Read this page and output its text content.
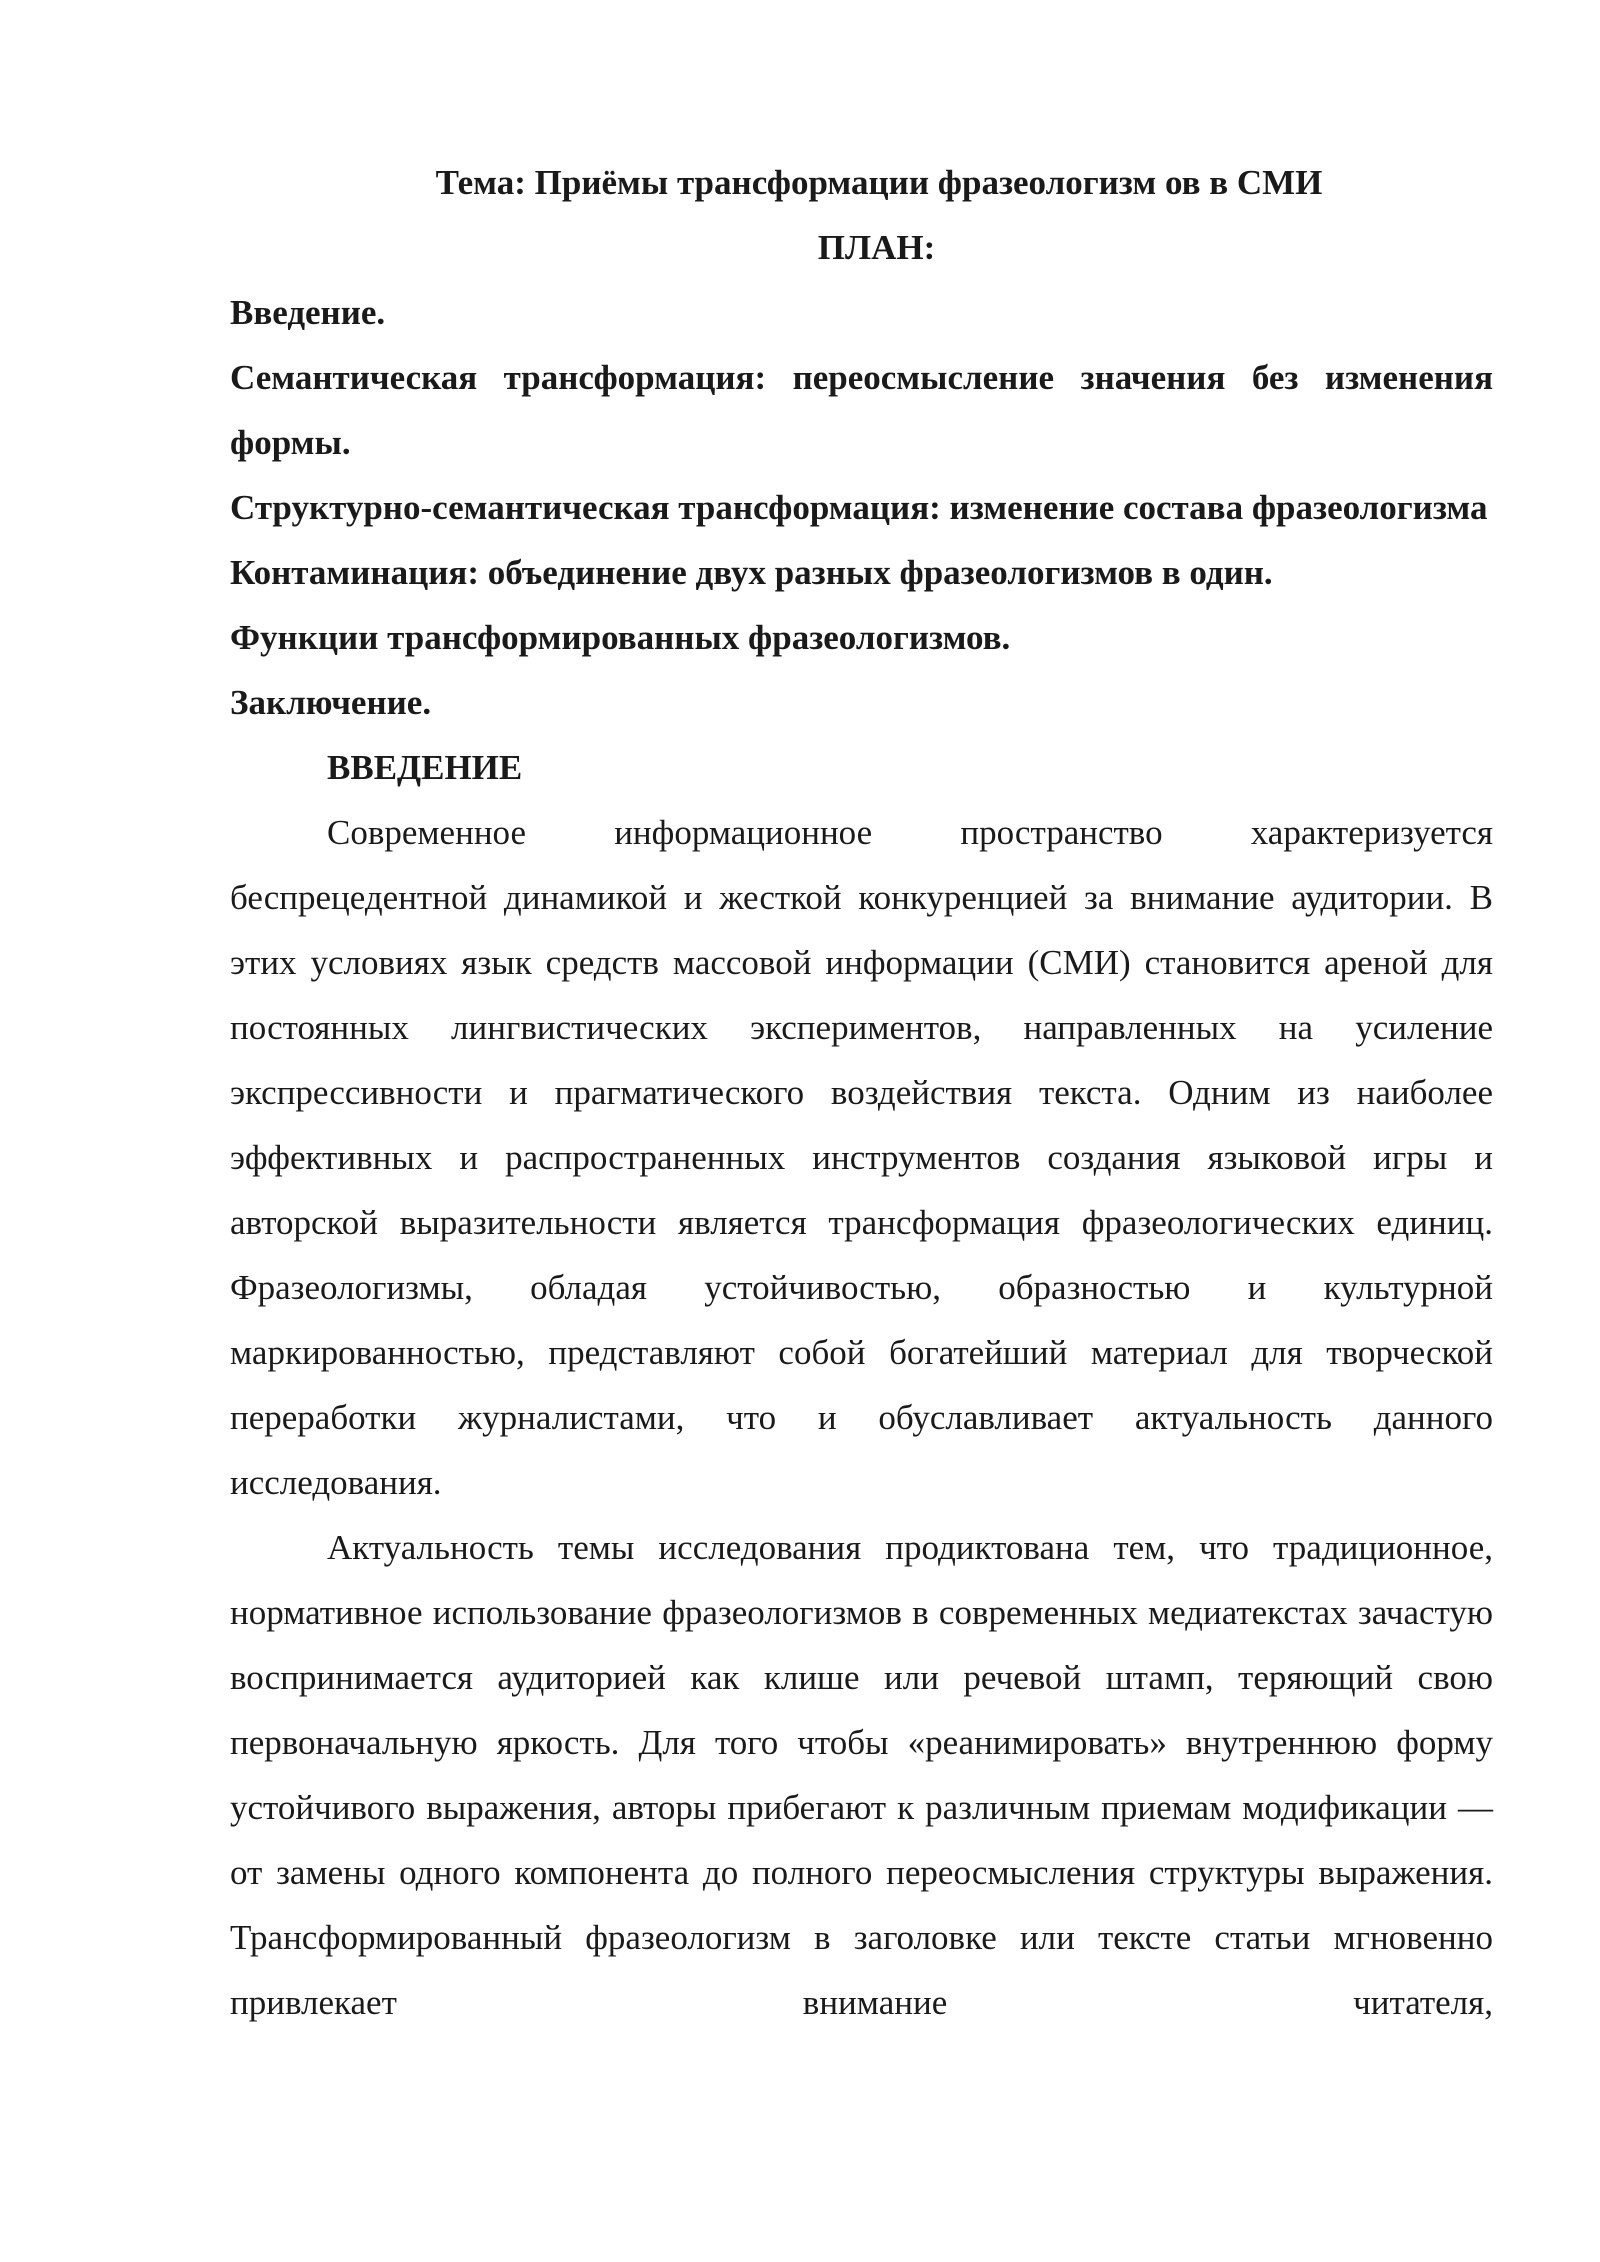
Тема: Приёмы трансформации фразеологизм ов в СМИ

ПЛАН:

Введение.
Семантическая трансформация: переосмысление значения без изменения формы.
Структурно-семантическая трансформация: изменение состава фразеологизма
Контаминация: объединение двух разных фразеологизмов в один.
Функции трансформированных фразеологизмов.
Заключение.

ВВЕДЕНИЕ

Современное информационное пространство характеризуется беспрецедентной динамикой и жесткой конкуренцией за внимание аудитории. В этих условиях язык средств массовой информации (СМИ) становится ареной для постоянных лингвистических экспериментов, направленных на усиление экспрессивности и прагматического воздействия текста. Одним из наиболее эффективных и распространенных инструментов создания языковой игры и авторской выразительности является трансформация фразеологических единиц. Фразеологизмы, обладая устойчивостью, образностью и культурной маркированностью, представляют собой богатейший материал для творческой переработки журналистами, что и обуславливает актуальность данного исследования.

Актуальность темы исследования продиктована тем, что традиционное, нормативное использование фразеологизмов в современных медиатекстах зачастую воспринимается аудиторией как клише или речевой штамп, теряющий свою первоначальную яркость. Для того чтобы «реанимировать» внутреннюю форму устойчивого выражения, авторы прибегают к различным приемам модификации — от замены одного компонента до полного переосмысления структуры выражения. Трансформированный фразеологизм в заголовке или тексте статьи мгновенно привлекает внимание читателя,
